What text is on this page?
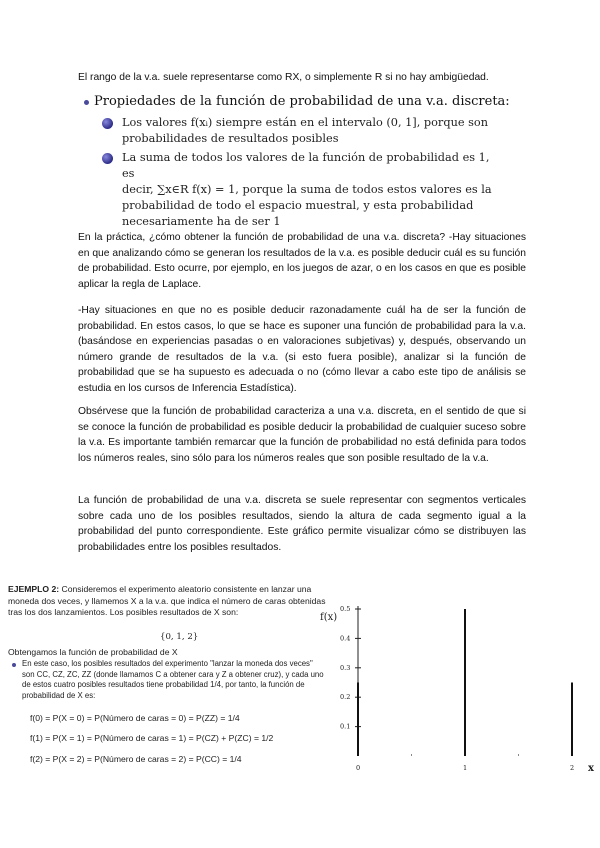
El rango de la v.a. suele representarse como RX, o simplemente R si no hay ambigüedad.
Propiedades de la función de probabilidad de una v.a. discreta:
Los valores f(xᵢ) siempre están en el intervalo (0, 1], porque son
probabilidades de resultados posibles
La suma de todos los valores de la función de probabilidad es 1, es
decir, ∑x∈R f(x) = 1, porque la suma de todos estos valores es la
probabilidad de todo el espacio muestral, y esta probabilidad
necesariamente ha de ser 1

En la práctica, ¿cómo obtener la función de probabilidad de una v.a. discreta? -Hay situaciones en que analizando cómo se generan los resultados de la v.a. es posible deducir cuál es su función de probabilidad. Esto ocurre, por ejemplo, en los juegos de azar, o en los casos en que es posible aplicar la regla de Laplace.

-Hay situaciones en que no es posible deducir razonadamente cuál ha de ser la función de probabilidad. En estos casos, lo que se hace es suponer una función de probabilidad para la v.a. (basándose en experiencias pasadas o en valoraciones subjetivas) y, después, observando un número grande de resultados de la v.a. (si esto fuera posible), analizar si la función de probabilidad que se ha supuesto es adecuada o no (cómo llevar a cabo este tipo de análisis se estudia en los cursos de Inferencia Estadística).

Obsérvese que la función de probabilidad caracteriza a una v.a. discreta, en el sentido de que si se conoce la función de probabilidad es posible deducir la probabilidad de cualquier suceso sobre la v.a. Es importante también remarcar que la función de probabilidad no está definida para todos los números reales, sino sólo para los números reales que son posible resultado de la v.a.

La función de probabilidad de una v.a. discreta se suele representar con segmentos verticales sobre cada uno de los posibles resultados, siendo la altura de cada segmento igual a la probabilidad del punto correspondiente. Este gráfico permite visualizar cómo se distribuyen las probabilidades entre los posibles resultados.

EJEMPLO 2: Consideremos el experimento aleatorio consistente en lanzar una moneda dos veces, y llamemos X a la v.a. que indica el número de caras obtenidas tras los dos lanzamientos. Los posibles resultados de X son:
{0, 1, 2}
Obtengamos la función de probabilidad de X
En este caso, los posibles resultados del experimento "lanzar la moneda dos veces" son CC, CZ, ZC, ZZ (donde llamamos C a obtener cara y Z a obtener cruz), y cada uno de estos cuatro posibles resultados tiene probabilidad 1/4, por tanto, la función de probabilidad de X es:
f(0) = P(X = 0) = P(Número de caras = 0) = P(ZZ) = 1/4
f(1) = P(X = 1) = P(Número de caras = 1) = P(CZ) + P(ZC) = 1/2
f(2) = P(X = 2) = P(Número de caras = 2) = P(CC) = 1/4
f(x)
x
0.1
0.2
0.3
0.4
0.5
0	1	2
